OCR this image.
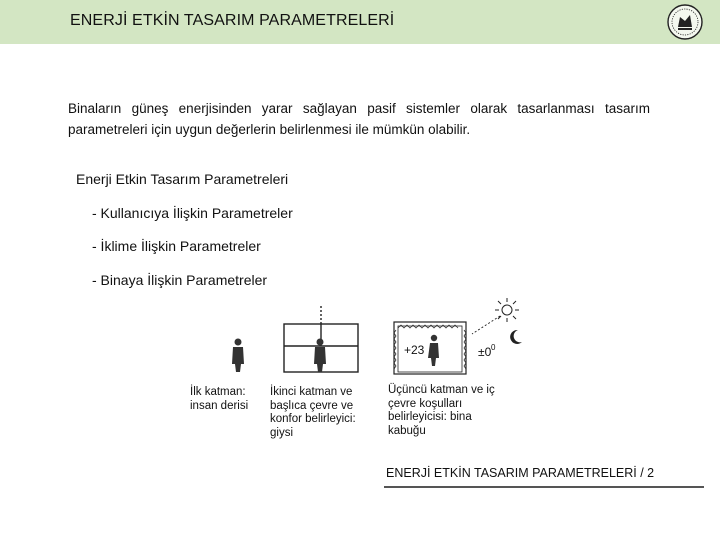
ENERJİ ETKİN TASARIM PARAMETRELERİ
Binaların güneş enerjisinden yarar sağlayan pasif sistemler olarak tasarlanması tasarım parametreleri için uygun değerlerin belirlenmesi ile mümkün olabilir.
Enerji Etkin Tasarım Parametreleri
- Kullanıcıya İlişkin Parametreler
- İklime İlişkin Parametreler
- Binaya İlişkin Parametreler
+23	±0 0
İlk katman: insan derisi
İkinci katman ve başlıca çevre ve konfor belirleyici: giysi
Üçüncü katman ve iç çevre koşulları belirleyicisi: bina kabuğu
ENERJİ ETKİN TASARIM PARAMETRELERİ / 2
